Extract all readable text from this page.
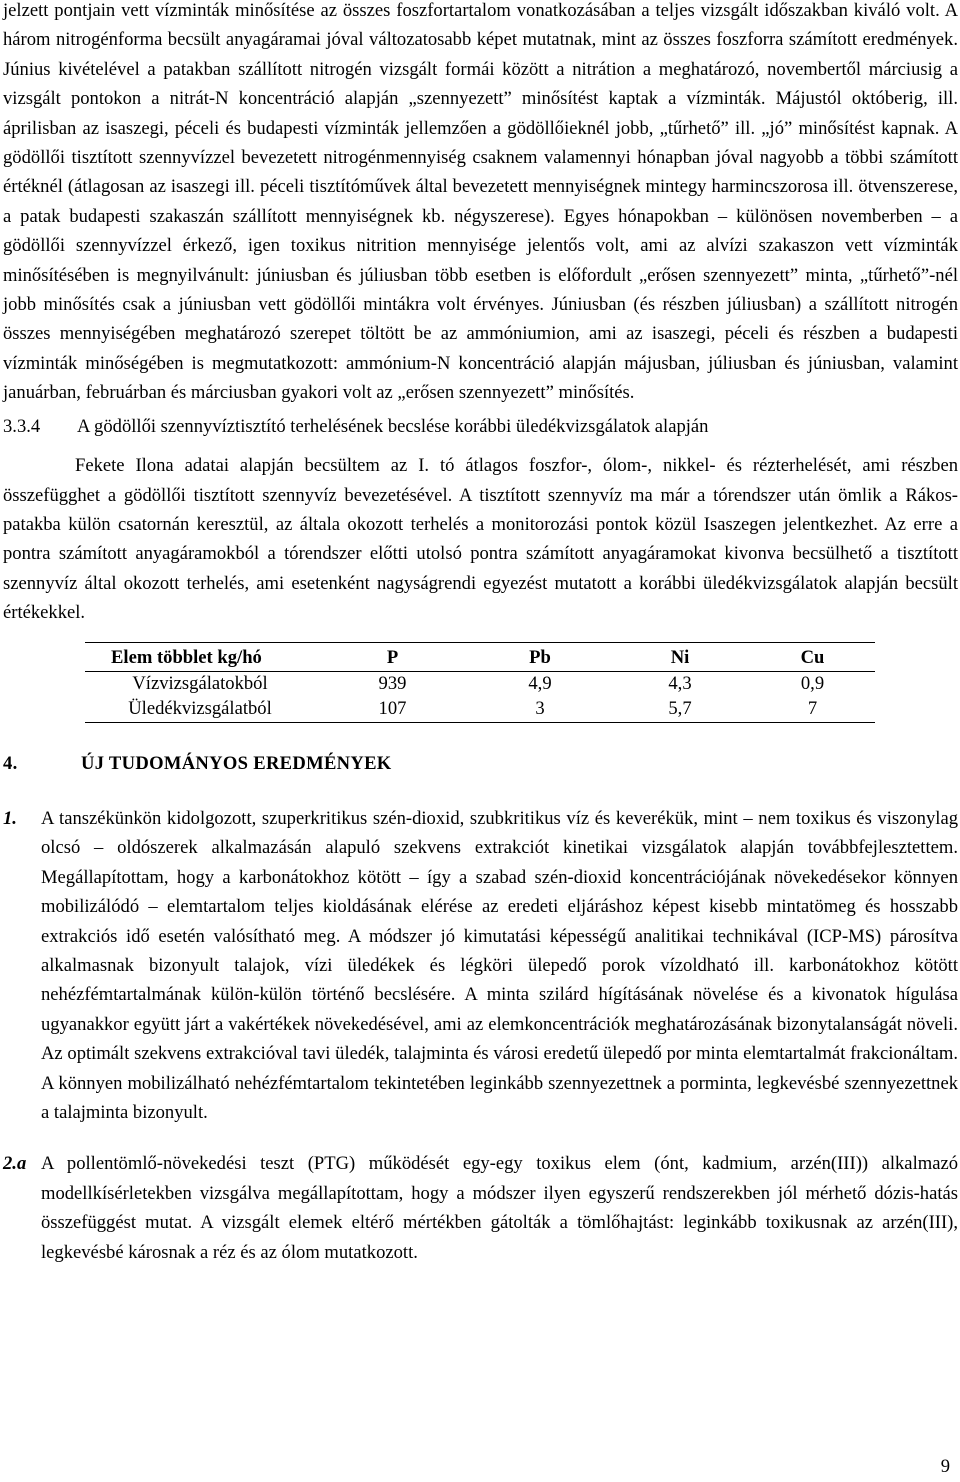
jelzett pontjain vett vízminták minősítése az összes foszfortartalom vonatkozásában a teljes vizsgált időszakban kiváló volt. A három nitrogénforma becsült anyagáramai jóval változatosabb képet mutatnak, mint az összes foszforra számított eredmények. Június kivételével a patakban szállított nitrogén vizsgált formái között a nitrátion a meghatározó, novembertől márciusig a vizsgált pontokon a nitrát-N koncentráció alapján „szennyezett” minősítést kaptak a vízminták. Májustól októberig, ill. áprilisban az isaszegi, péceli és budapesti vízminták jellemzően a gödöllőieknél jobb, „tűrhető” ill. „jó” minősítést kapnak. A gödöllői tisztított szennyvízzel bevezetett nitrogénmennyiség csaknem valamennyi hónapban jóval nagyobb a többi számított értéknél (átlagosan az isaszegi ill. péceli tisztítóművek által bevezetett mennyiségnek mintegy harmincszorosa ill. ötvenszerese, a patak budapesti szakaszán szállított mennyiségnek kb. négyszerese). Egyes hónapokban – különösen novemberben – a gödöllői szennyvízzel érkező, igen toxikus nitrition mennyisége jelentős volt, ami az alvízi szakaszon vett vízminták minősítésében is megnyilvánult: júniusban és júliusban több esetben is előfordult „erősen szennyezett” minta, „tűrhető”-nél jobb minősítés csak a júniusban vett gödöllői mintákra volt érvényes. Júniusban (és részben júliusban) a szállított nitrogén összes mennyiségében meghatározó szerepet töltött be az ammóniumion, ami az isaszegi, péceli és részben a budapesti vízminták minőségében is megmutatkozott: ammónium-N koncentráció alapján májusban, júliusban és júniusban, valamint januárban, februárban és márciusban gyakori volt az „erősen szennyezett” minősítés.

3.3.4	A gödöllői szennyvíztisztító terhelésének becslése korábbi üledékvizsgálatok alapján

Fekete Ilona adatai alapján becsültem az I. tó átlagos foszfor-, ólom-, nikkel- és rézterhelését, ami részben összefügghet a gödöllői tisztított szennyvíz bevezetésével. A tisztított szennyvíz ma már a tórendszer után ömlik a Rákos-patakba külön csatornán keresztül, az általa okozott terhelés a monitorozási pontok közül Isaszegen jelentkezhet. Az erre a pontra számított anyagáramokból a tórendszer előtti utolsó pontra számított anyagáramokat kivonva becsülhető a tisztított szennyvíz által okozott terhelés, ami esetenként nagyságrendi egyezést mutatott a korábbi üledékvizsgálatok alapján becsült értékekkel.

Elem többlet kg/hó	P	Pb	Ni	Cu
Vízvizsgálatokból	939	4,9	4,3	0,9
Üledékvizsgálatból	107	3	5,7	7
4.	ÚJ TUDOMÁNYOS EREDMÉNYEK
1.	A tanszékünkön kidolgozott, szuperkritikus szén-dioxid, szubkritikus víz és keverékük, mint – nem toxikus és viszonylag olcsó – oldószerek alkalmazásán alapuló szekvens extrakciót kinetikai vizsgálatok alapján továbbfejlesztettem. Megállapítottam, hogy a karbonátokhoz kötött – így a szabad szén-dioxid koncentrációjának növekedésekor könnyen mobilizálódó – elemtartalom teljes kioldásának elérése az eredeti eljáráshoz képest kisebb mintatömeg és hosszabb extrakciós idő esetén valósítható meg. A módszer jó kimutatási képességű analitikai technikával (ICP-MS) párosítva alkalmasnak bizonyult talajok, vízi üledékek és légköri ülepedő porok vízoldható ill. karbonátokhoz kötött nehézfémtartalmának külön-külön történő becslésére. A minta szilárd hígításának növelése és a kivonatok hígulása ugyanakkor együtt járt a vakértékek növekedésével, ami az elemkoncentrációk meghatározásának bizonytalanságát növeli. Az optimált szekvens extrakcióval tavi üledék, talajminta és városi eredetű ülepedő por minta elemtartalmát frakcionáltam. A könnyen mobilizálható nehézfémtartalom tekintetében leginkább szennyezettnek a porminta, legkevésbé szennyezettnek a talajminta bizonyult.

2.a A pollentömlő-növekedési teszt (PTG) működését egy-egy toxikus elem (ónt, kadmium, arzén(III)) alkalmazó modellkísérletekben vizsgálva megállapítottam, hogy a módszer ilyen egyszerű rendszerekben jól mérhető dózis-hatás összefüggést mutat. A vizsgált elemek eltérő mértékben gátolták a tömlőhajtást: leginkább toxikusnak az arzén(III), legkevésbé károsnak a réz és az ólom mutatkozott.

9
